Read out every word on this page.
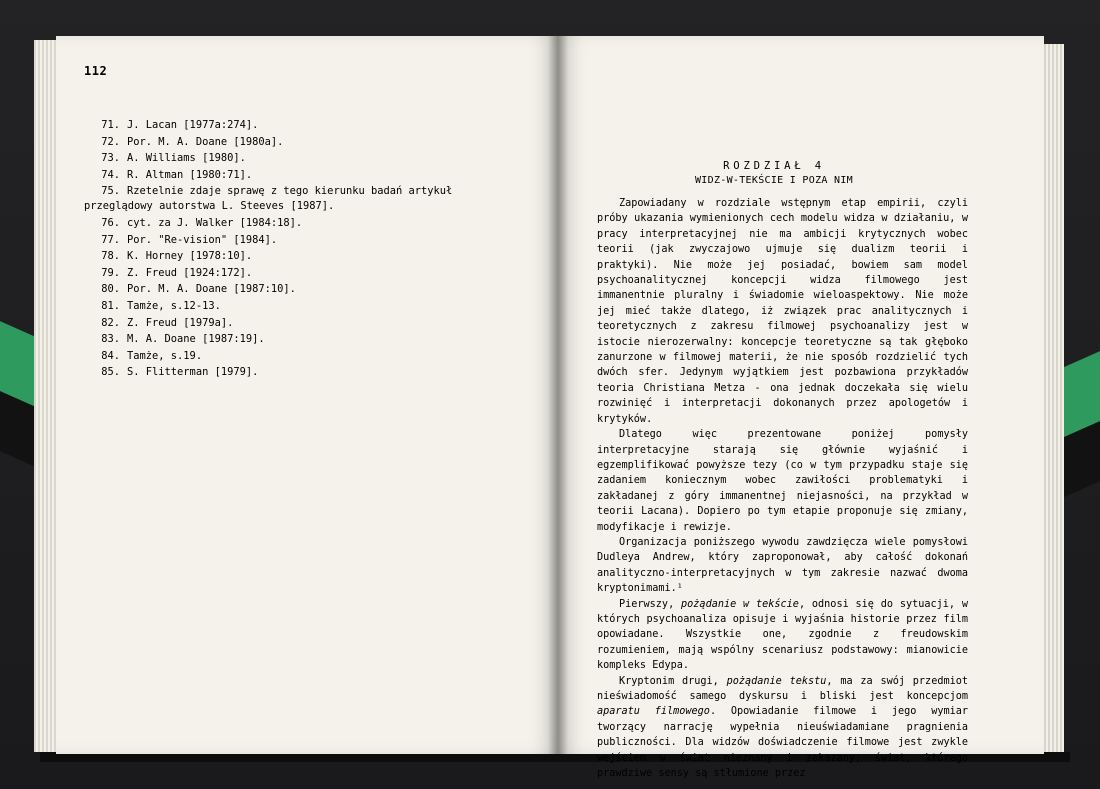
112
71. J. Lacan [1977a:274].
72. Por. M. A. Doane [1980a].
73. A. Williams [1980].
74. R. Altman [1980:71].
75. Rzetelnie zdaje sprawę z tego kierunku badań artykuł
przeglądowy autorstwa L. Steeves [1987].
76. cyt. za J. Walker [1984:18].
77. Por. "Re-vision" [1984].
78. K. Horney [1978:10].
79. Z. Freud [1924:172].
80. Por. M. A. Doane [1987:10].
81. Tamże, s.12-13.
82. Z. Freud [1979a].
83. M. A. Doane [1987:19].
84. Tamże, s.19.
85. S. Flitterman [1979].
ROZDZIAŁ 4
WIDZ-W-TEKŚCIE I POZA NIM

Zapowiadany w rozdziale wstępnym etap empirii, czyli próby ukazania wymienionych cech modelu widza w działaniu, w pracy interpretacyjnej nie ma ambicji krytycznych wobec teorii (jak zwyczajowo ujmuje się dualizm teorii i praktyki). Nie może jej posiadać, bowiem sam model psychoanalitycznej koncepcji widza filmowego jest immanentnie pluralny i świadomie wieloaspektowy. Nie może jej mieć także dlatego, iż związek prac analitycznych i teoretycznych z zakresu filmowej psychoanalizy jest w istocie nierozerwalny: koncepcje teoretyczne są tak głęboko zanurzone w filmowej materii, że nie sposób rozdzielić tych dwóch sfer. Jedynym wyjątkiem jest pozbawiona przykładów teoria Christiana Metza - ona jednak doczekała się wielu rozwinięć i interpretacji dokonanych przez apologetów i krytyków.

Dlatego więc prezentowane poniżej pomysły interpretacyjne starają się głównie wyjaśnić i egzemplifikować powyższe tezy (co w tym przypadku staje się zadaniem koniecznym wobec zawiłości problematyki i zakładanej z góry immanentnej niejasności, na przykład w teorii Lacana). Dopiero po tym etapie proponuje się zmiany, modyfikacje i rewizje.

Organizacja poniższego wywodu zawdzięcza wiele pomysłowi Dudleya Andrew, który zaproponował, aby całość dokonań analityczno-interpretacyjnych w tym zakresie nazwać dwoma kryptonimami.¹

Pierwszy, pożądanie w tekście, odnosi się do sytuacji, w których psychoanaliza opisuje i wyjaśnia historie przez film opowiadane. Wszystkie one, zgodnie z freudowskim rozumieniem, mają wspólny scenariusz podstawowy: mianowicie kompleks Edypa.

Kryptonim drugi, pożądanie tekstu, ma za swój przedmiot nieświadomość samego dyskursu i bliski jest koncepcjom aparatu filmowego. Opowiadanie filmowe i jego wymiar tworzący narrację wypełnia nieuświadamiane pragnienia publiczności. Dla widzów doświadczenie filmowe jest zwykle wejściem w świat nieznany i zakazany; świat, którego prawdziwe sensy są stłumione przez
